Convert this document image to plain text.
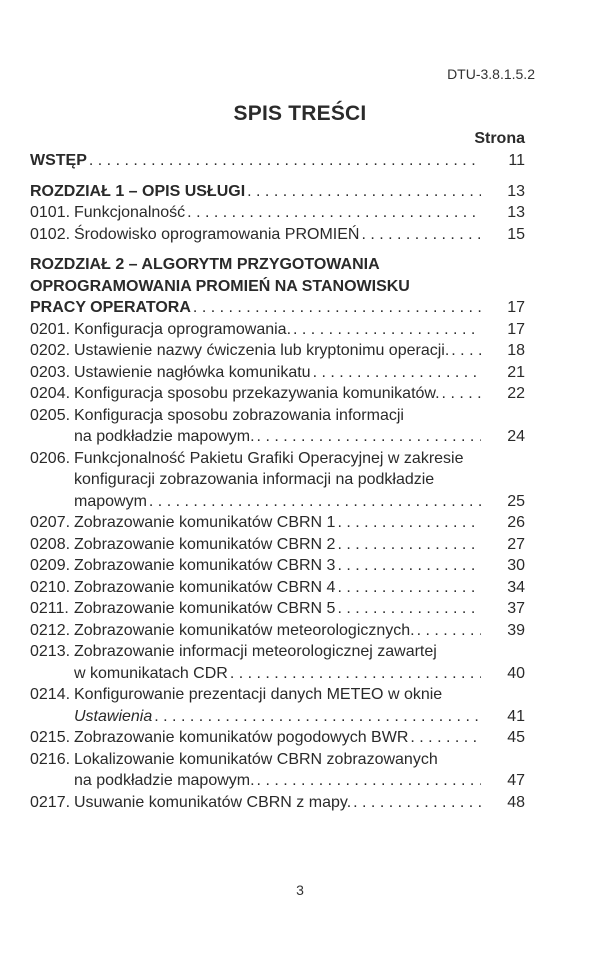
DTU-3.8.1.5.2
SPIS TREŚCI
Strona
WSTĘP . . .	11
ROZDZIAŁ 1 – OPIS USŁUGI . . .	13
0101. Funkcjonalność . . .	13
0102. Środowisko oprogramowania PROMIEŃ . . .	15
ROZDZIAŁ 2 – ALGORYTM PRZYGOTOWANIA
OPROGRAMOWANIA PROMIEŃ NA STANOWISKU
PRACY OPERATORA . . .	17
0201. Konfiguracja oprogramowania. . . .	17
0202. Ustawienie nazwy ćwiczenia lub kryptonimu operacji. . . .	18
0203. Ustawienie nagłówka komunikatu . . .	21
0204. Konfiguracja sposobu przekazywania komunikatów. . . .	22
0205. Konfiguracja sposobu zobrazowania informacji
na podkładzie mapowym. . . .	24
0206. Funkcjonalność Pakietu Grafiki Operacyjnej w zakresie
konfiguracji zobrazowania informacji na podkładzie
mapowym . . .	25
0207. Zobrazowanie komunikatów CBRN 1 . . .	26
0208. Zobrazowanie komunikatów CBRN 2 . . .	27
0209. Zobrazowanie komunikatów CBRN 3 . . .	30
0210. Zobrazowanie komunikatów CBRN 4 . . .	34
0211. Zobrazowanie komunikatów CBRN 5 . . .	37
0212. Zobrazowanie komunikatów meteorologicznych. . . .	39
0213. Zobrazowanie informacji meteorologicznej zawartej
w komunikatach CDR . . .	40
0214. Konfigurowanie prezentacji danych METEO w oknie
Ustawienia . . .	41
0215. Zobrazowanie komunikatów pogodowych BWR . . .	45
0216. Lokalizowanie komunikatów CBRN zobrazowanych
na podkładzie mapowym. . . .	47
0217. Usuwanie komunikatów CBRN z mapy. . . .	48
3
